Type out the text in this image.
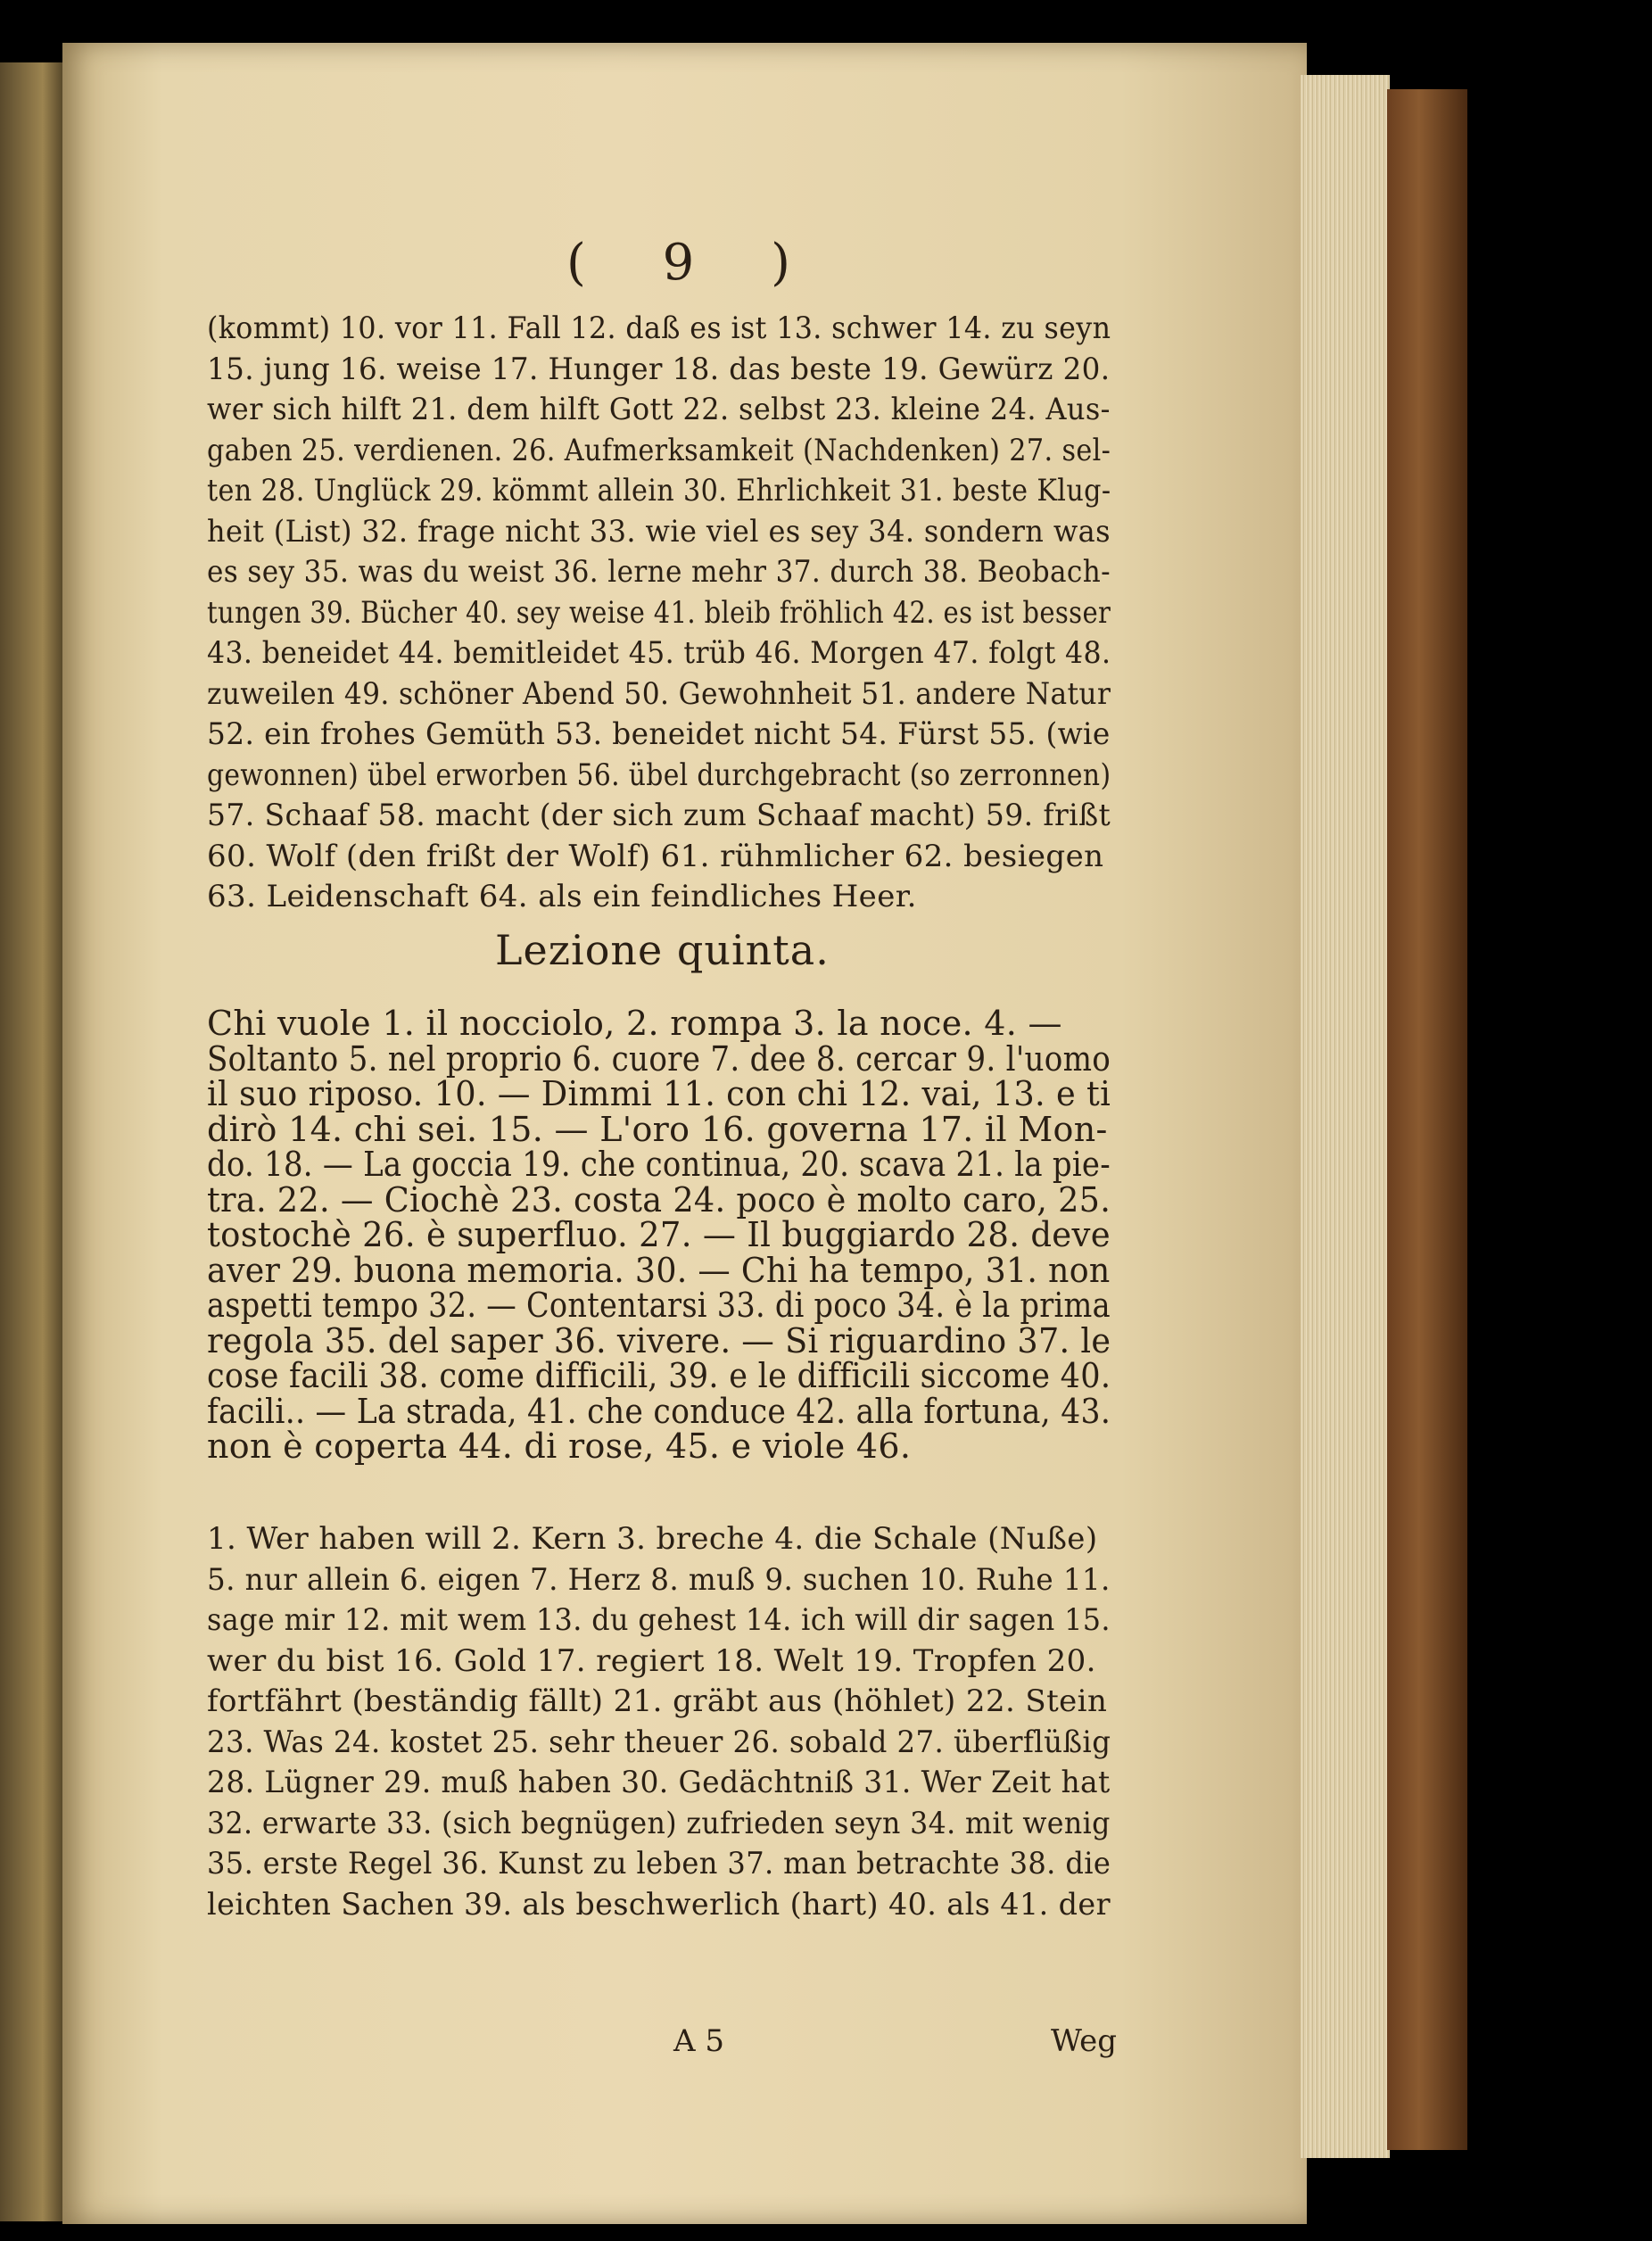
( 9 )
(kommt) 10. vor 11. Fall 12. daß es ist 13. schwer 14. zu seyn
15. jung 16. weise 17. Hunger 18. das beste 19. Gewürz 20.
wer sich hilft 21. dem hilft Gott 22. selbst 23. kleine 24. Aus-
gaben 25. verdienen. 26. Aufmerksamkeit (Nachdenken) 27. sel-
ten 28. Unglück 29. kömmt allein 30. Ehrlichkeit 31. beste Klug-
heit (List) 32. frage nicht 33. wie viel es sey 34. sondern was
es sey 35. was du weist 36. lerne mehr 37. durch 38. Beobach-
tungen 39. Bücher 40. sey weise 41. bleib fröhlich 42. es ist besser
43. beneidet 44. bemitleidet 45. trüb 46. Morgen 47. folgt 48.
zuweilen 49. schöner Abend 50. Gewohnheit 51. andere Natur
52. ein frohes Gemüth 53. beneidet nicht 54. Fürst 55. (wie
gewonnen) übel erworben 56. übel durchgebracht (so zerronnen)
57. Schaaf 58. macht (der sich zum Schaaf macht) 59. frißt
60. Wolf (den frißt der Wolf) 61. rühmlicher 62. besiegen
63. Leidenschaft 64. als ein feindliches Heer.
Lezione quinta.
Chi vuole 1. il nocciolo, 2. rompa 3. la noce. 4. —
Soltanto 5. nel proprio 6. cuore 7. dee 8. cercar 9. l'uomo
il suo riposo. 10. — Dimmi 11. con chi 12. vai, 13. e ti
dirò 14. chi sei. 15. — L'oro 16. governa 17. il Mon-
do. 18. — La goccia 19. che continua, 20. scava 21. la pie-
tra. 22. — Ciochè 23. costa 24. poco è molto caro, 25.
tostochè 26. è superfluo. 27. — Il buggiardo 28. deve
aver 29. buona memoria. 30. — Chi ha tempo, 31. non
aspetti tempo 32. — Contentarsi 33. di poco 34. è la prima
regola 35. del saper 36. vivere. — Si riguardino 37. le
cose facili 38. come difficili, 39. e le difficili siccome 40.
facili.. — La strada, 41. che conduce 42. alla fortuna, 43.
non è coperta 44. di rose, 45. e viole 46.
1. Wer haben will 2. Kern 3. breche 4. die Schale (Nuße)
5. nur allein 6. eigen 7. Herz 8. muß 9. suchen 10. Ruhe 11.
sage mir 12. mit wem 13. du gehest 14. ich will dir sagen 15.
wer du bist 16. Gold 17. regiert 18. Welt 19. Tropfen 20.
fortfährt (beständig fällt) 21. gräbt aus (höhlet) 22. Stein
23. Was 24. kostet 25. sehr theuer 26. sobald 27. überflüßig
28. Lügner 29. muß haben 30. Gedächtniß 31. Wer Zeit hat
32. erwarte 33. (sich begnügen) zufrieden seyn 34. mit wenig
35. erste Regel 36. Kunst zu leben 37. man betrachte 38. die
leichten Sachen 39. als beschwerlich (hart) 40. als 41. der
A 5	Weg
